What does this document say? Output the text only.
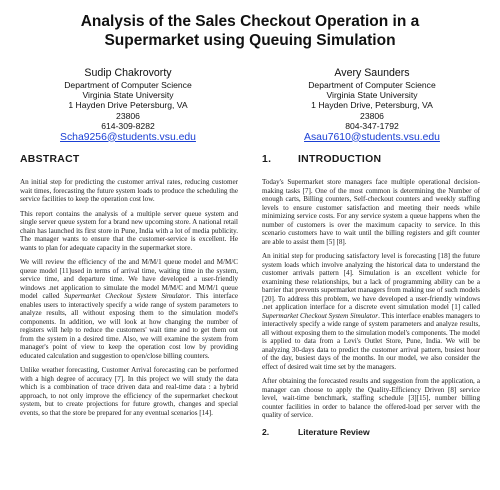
Analysis of the Sales Checkout Operation in a Supermarket using Queuing Simulation
Sudip Chakrovorty
Department of Computer Science
Virginia State University
1 Hayden Drive Petersburg, VA
23806
614-309-8282
Scha9256@students.vsu.edu
Avery Saunders
Department of Computer Science
Virginia State University
1 Hayden Drive, Petersburg, VA
23806
804-347-1792
Asau7610@students.vsu.edu
ABSTRACT

An initial step for predicting the customer arrival rates, reducing customer wait times, forecasting the future system loads to produce the scheduling the service facilities to keep the operation cost low.

This report contains the analysis of a multiple server queue system and single server queue system for a brand new upcoming store. A national retail chain has launched its first store in Pune, India with a lot of media publicity. The manager wants to ensure that the customer-service is excellent. He wants to plan for adequate capacity in the supermarket store.

We will review the efficiency of the and M/M/1 queue model and M/M/C queue model [11]used in terms of arrival time, waiting time in the system, service time, and departure time. We have developed a user-friendly windows .net application to simulate the model M/M/C and M/M/1 queue model called Supermarket Checkout System Simulator. This interface enables users to interactively specify a wide range of system parameters to analyze results, all without exposing them to the simulation model's components. In addition, we will look at how changing the number of registers will help to reduce the customers' wait time and to get them out from the system in a desired time. Also, we will examine the system from manager's point of view to keep the operation cost low by providing educated calculation and suggestion to open/close billing counters.

Unlike weather forecasting, Customer Arrival forecasting can be performed with a high degree of accuracy [7]. In this project we will study the data which is a combination of trace driven data and real-time data : a hybrid approach, to not only improve the efficiency of the supermarket checkout system, but to create projections for future growth, changes and special events, so that the store be prepared for any eventual scenarios [14].

1.	INTRODUCTION

Today's Supermarket store managers face multiple operational decision-making tasks [7]. One of the most common is determining the Number of enough carts, Billing counters, Self-checkout counters and weekly staffing levels to ensure customer satisfaction and meeting their needs while minimizing service costs. For any service system a queue happens when the number of customers is over the maximum capacity to service. In this scenario customers have to wait until the billing registers and gift counter are able to assist them [5] [8].

An initial step for producing satisfactory level is forecasting [18] the future system loads which involve analyzing the historical data to understand the customer arrivals pattern [4]. Simulation is an excellent vehicle for examining these relationships, but a lack of programming ability can be a barrier that prevents supermarket managers from making use of such models [20]. To address this problem, we have developed a user-friendly windows .net application interface for a discrete event simulation model [1] called Supermarket Checkout System Simulator. This interface enables managers to interactively specify a wide range of system parameters and analyze results, all without exposing them to the simulation model's components. The model is applied to data from a Levi's Outlet Store, Pune, India. We will be analyzing 30-days data to predict the customer arrival pattern, busiest hour of the day, busiest days of the months. In our model, we also consider the effect of desired wait time set by the managers.

After obtaining the forecasted results and suggestion from the application, a manager can choose to apply the Quality-Efficiency Driven [8] service level, wait-time benchmark, staffing schedule [3][15], number billing counter facilities in order to balance the offered-load per server with the quality of service.

2.	Literature Review
